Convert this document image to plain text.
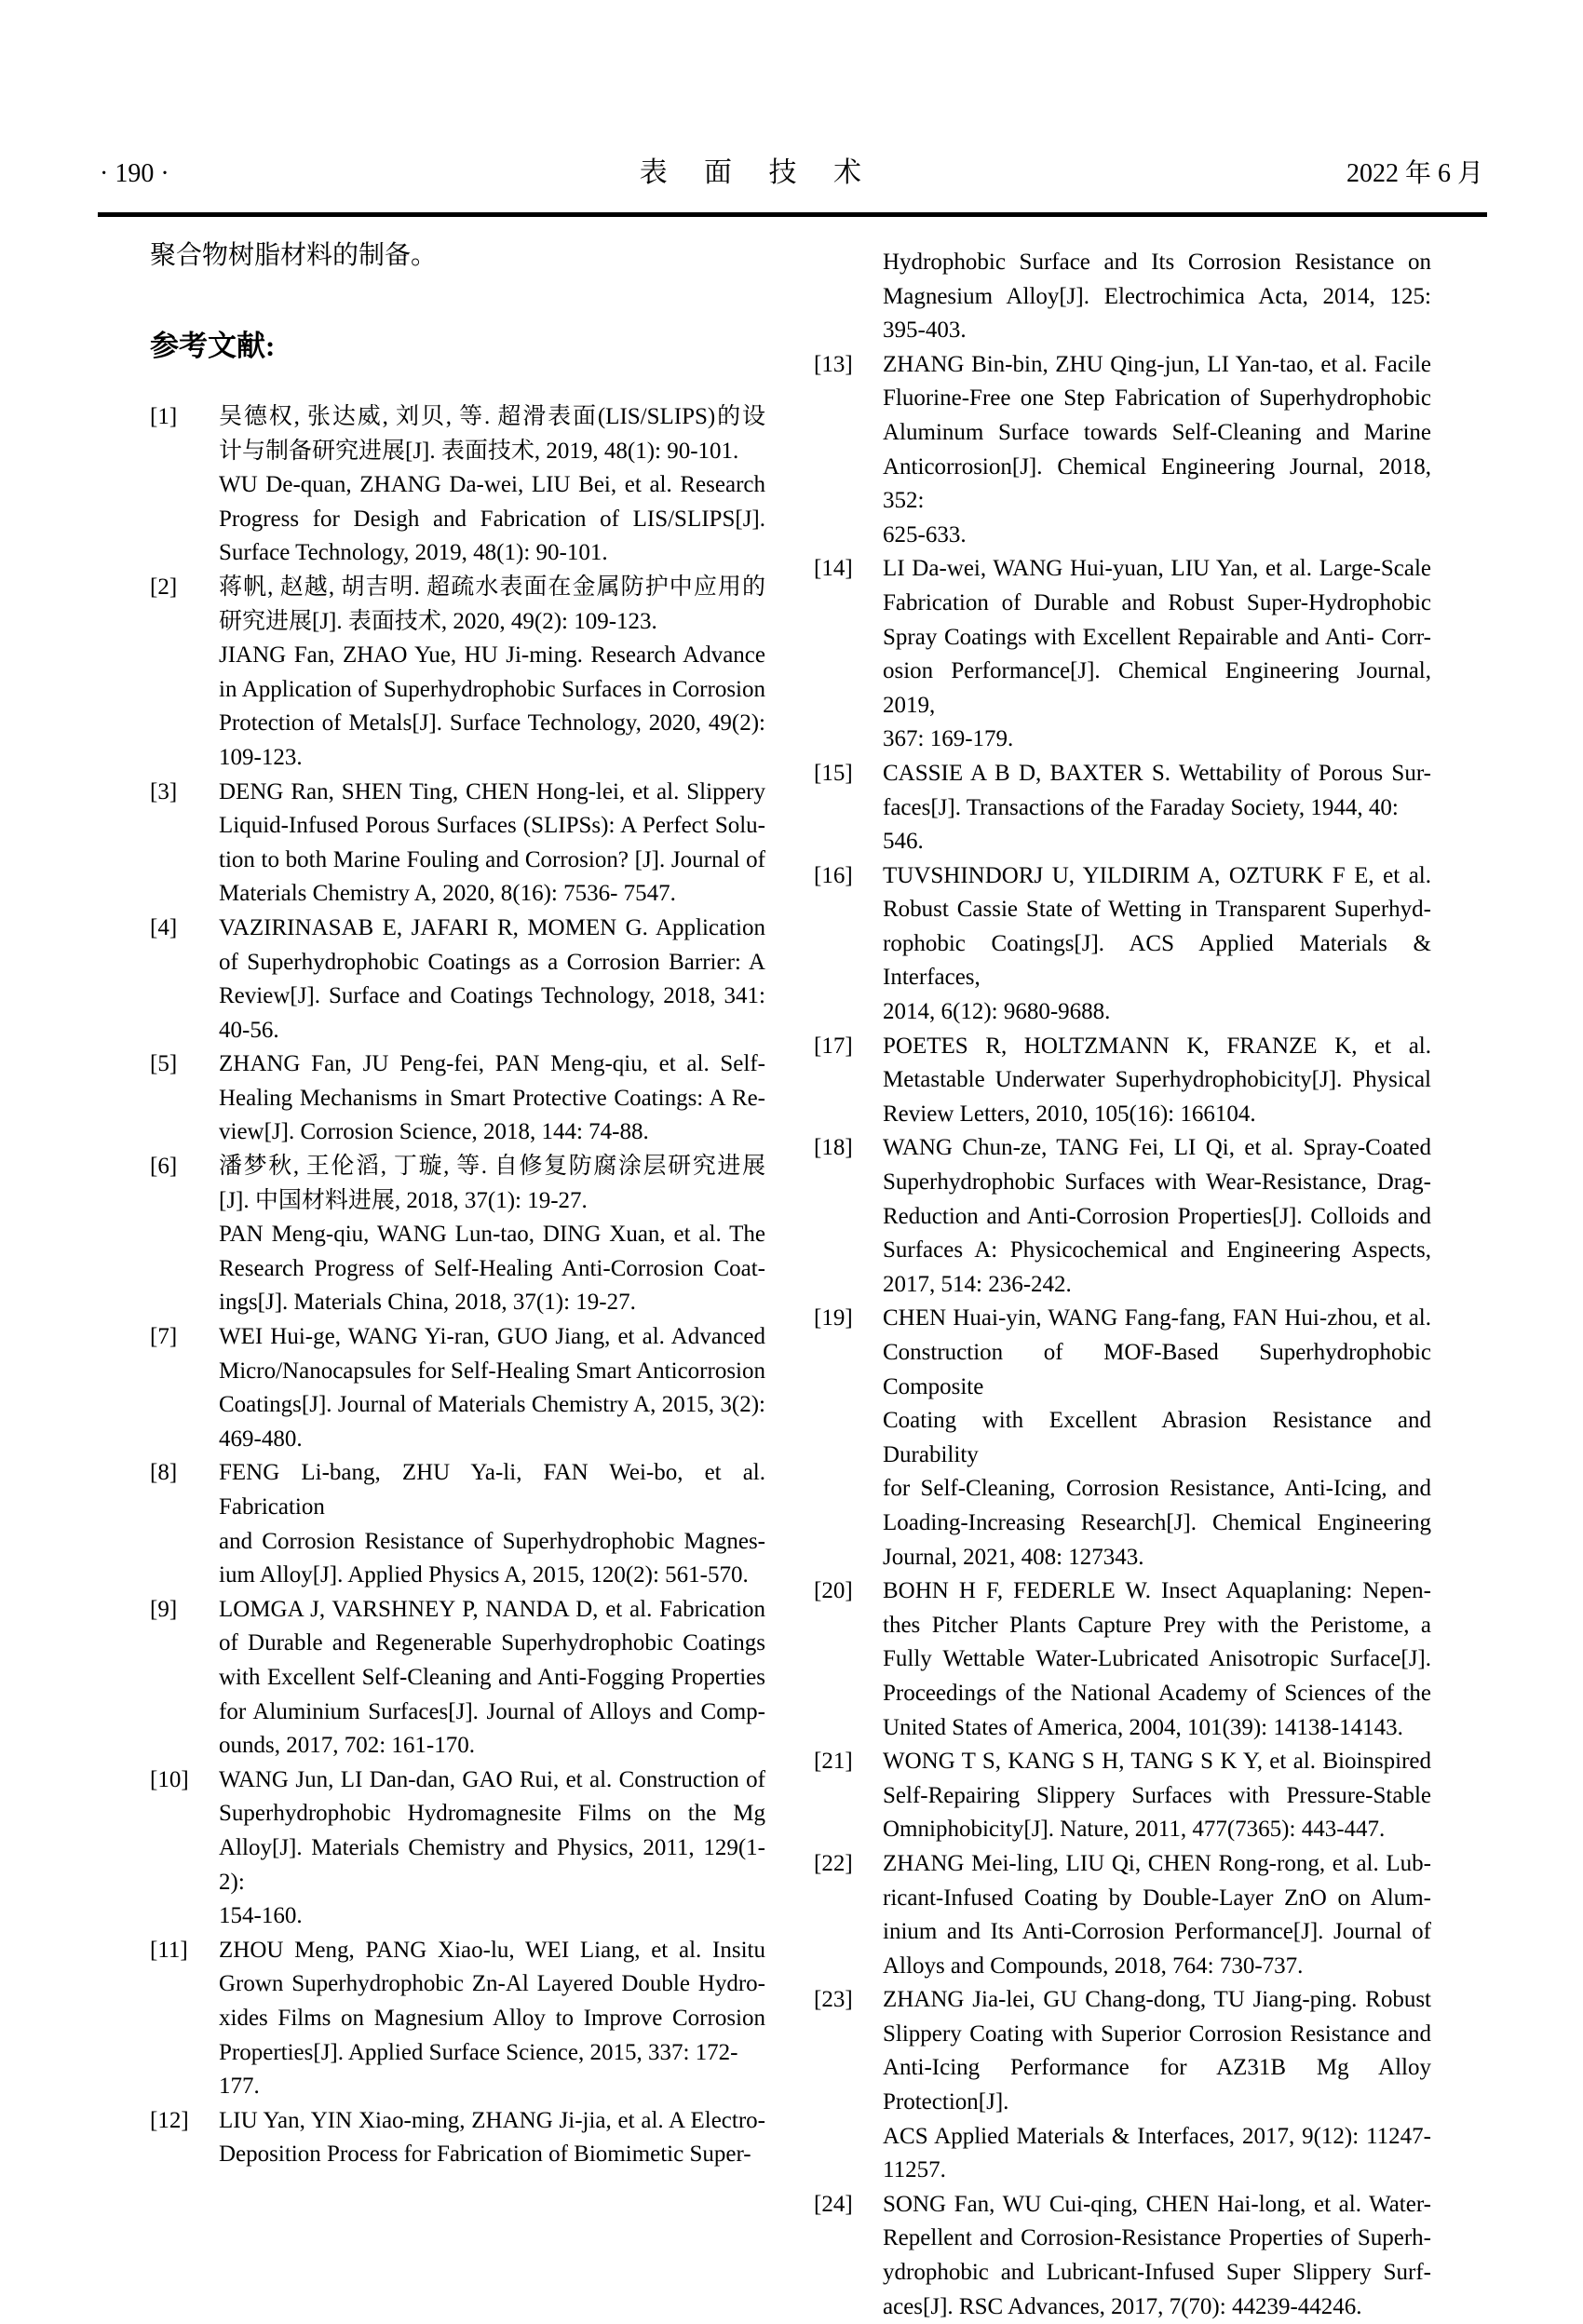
· 190 ·	表 面 技 术	2022 年 6 月

聚合物树脂材料的制备。

参考文献:
[1] 吴德权, 张达威, 刘贝, 等. 超滑表面(LIS/SLIPS)的设
计与制备研究进展[J]. 表面技术, 2019, 48(1): 90-101.
WU De-quan, ZHANG Da-wei, LIU Bei, et al. Research
Progress for Desigh and Fabrication of LIS/SLIPS[J].
Surface Technology, 2019, 48(1): 90-101.
[2] 蒋帆, 赵越, 胡吉明. 超疏水表面在金属防护中应用的
研究进展[J]. 表面技术, 2020, 49(2): 109-123.
JIANG Fan, ZHAO Yue, HU Ji-ming. Research Advance
in Application of Superhydrophobic Surfaces in Corrosion
Protection of Metals[J]. Surface Technology, 2020, 49(2):
109-123.
[3] DENG Ran, SHEN Ting, CHEN Hong-lei, et al. Slippery
Liquid-Infused Porous Surfaces (SLIPSs): A Perfect Solu-
tion to both Marine Fouling and Corrosion? [J]. Journal of
Materials Chemistry A, 2020, 8(16): 7536- 7547.
[4] VAZIRINASAB E, JAFARI R, MOMEN G. Application
of Superhydrophobic Coatings as a Corrosion Barrier: A
Review[J]. Surface and Coatings Technology, 2018, 341:
40-56.
[5] ZHANG Fan, JU Peng-fei, PAN Meng-qiu, et al. Self-
Healing Mechanisms in Smart Protective Coatings: A Re-
view[J]. Corrosion Science, 2018, 144: 74-88.
[6] 潘梦秋, 王伦滔, 丁璇, 等. 自修复防腐涂层研究进展
[J]. 中国材料进展, 2018, 37(1): 19-27.
PAN Meng-qiu, WANG Lun-tao, DING Xuan, et al. The
Research Progress of Self-Healing Anti-Corrosion Coat-
ings[J]. Materials China, 2018, 37(1): 19-27.
[7] WEI Hui-ge, WANG Yi-ran, GUO Jiang, et al. Advanced
Micro/Nanocapsules for Self-Healing Smart Anticorrosion
Coatings[J]. Journal of Materials Chemistry A, 2015, 3(2):
469-480.
[8] FENG Li-bang, ZHU Ya-li, FAN Wei-bo, et al. Fabrication
and Corrosion Resistance of Superhydrophobic Magnes-
ium Alloy[J]. Applied Physics A, 2015, 120(2): 561-570.
[9] LOMGA J, VARSHNEY P, NANDA D, et al. Fabrication
of Durable and Regenerable Superhydrophobic Coatings
with Excellent Self-Cleaning and Anti-Fogging Properties
for Aluminium Surfaces[J]. Journal of Alloys and Comp-
ounds, 2017, 702: 161-170.
[10] WANG Jun, LI Dan-dan, GAO Rui, et al. Construction of
Superhydrophobic Hydromagnesite Films on the Mg
Alloy[J]. Materials Chemistry and Physics, 2011, 129(1-2):
154-160.
[11] ZHOU Meng, PANG Xiao-lu, WEI Liang, et al. Insitu
Grown Superhydrophobic Zn-Al Layered Double Hydro-
xides Films on Magnesium Alloy to Improve Corrosion
Properties[J]. Applied Surface Science, 2015, 337: 172-177.
[12] LIU Yan, YIN Xiao-ming, ZHANG Ji-jia, et al. A Electro-
Deposition Process for Fabrication of Biomimetic Super-
Hydrophobic Surface and Its Corrosion Resistance on
Magnesium Alloy[J]. Electrochimica Acta, 2014, 125:
395-403.
[13] ZHANG Bin-bin, ZHU Qing-jun, LI Yan-tao, et al. Facile
Fluorine-Free one Step Fabrication of Superhydrophobic
Aluminum Surface towards Self-Cleaning and Marine
Anticorrosion[J]. Chemical Engineering Journal, 2018, 352:
625-633.
[14] LI Da-wei, WANG Hui-yuan, LIU Yan, et al. Large-Scale
Fabrication of Durable and Robust Super-Hydrophobic
Spray Coatings with Excellent Repairable and Anti- Corr-
osion Performance[J]. Chemical Engineering Journal, 2019,
367: 169-179.
[15] CASSIE A B D, BAXTER S. Wettability of Porous Sur-
faces[J]. Transactions of the Faraday Society, 1944, 40: 546.
[16] TUVSHINDORJ U, YILDIRIM A, OZTURK F E, et al.
Robust Cassie State of Wetting in Transparent Superhyd-
rophobic Coatings[J]. ACS Applied Materials & Interfaces,
2014, 6(12): 9680-9688.
[17] POETES R, HOLTZMANN K, FRANZE K, et al.
Metastable Underwater Superhydrophobicity[J]. Physical
Review Letters, 2010, 105(16): 166104.
[18] WANG Chun-ze, TANG Fei, LI Qi, et al. Spray-Coated
Superhydrophobic Surfaces with Wear-Resistance, Drag-
Reduction and Anti-Corrosion Properties[J]. Colloids and
Surfaces A: Physicochemical and Engineering Aspects,
2017, 514: 236-242.
[19] CHEN Huai-yin, WANG Fang-fang, FAN Hui-zhou, et al.
Construction of MOF-Based Superhydrophobic Composite
Coating with Excellent Abrasion Resistance and Durability
for Self-Cleaning, Corrosion Resistance, Anti-Icing, and
Loading-Increasing Research[J]. Chemical Engineering
Journal, 2021, 408: 127343.
[20] BOHN H F, FEDERLE W. Insect Aquaplaning: Nepen-
thes Pitcher Plants Capture Prey with the Peristome, a
Fully Wettable Water-Lubricated Anisotropic Surface[J].
Proceedings of the National Academy of Sciences of the
United States of America, 2004, 101(39): 14138-14143.
[21] WONG T S, KANG S H, TANG S K Y, et al. Bioinspired
Self-Repairing Slippery Surfaces with Pressure-Stable
Omniphobicity[J]. Nature, 2011, 477(7365): 443-447.
[22] ZHANG Mei-ling, LIU Qi, CHEN Rong-rong, et al. Lub-
ricant-Infused Coating by Double-Layer ZnO on Alum-
inium and Its Anti-Corrosion Performance[J]. Journal of
Alloys and Compounds, 2018, 764: 730-737.
[23] ZHANG Jia-lei, GU Chang-dong, TU Jiang-ping. Robust
Slippery Coating with Superior Corrosion Resistance and
Anti-Icing Performance for AZ31B Mg Alloy Protection[J].
ACS Applied Materials & Interfaces, 2017, 9(12): 11247-
11257.
[24] SONG Fan, WU Cui-qing, CHEN Hai-long, et al. Water-
Repellent and Corrosion-Resistance Properties of Superh-
ydrophobic and Lubricant-Infused Super Slippery Surf-
aces[J]. RSC Advances, 2017, 7(70): 44239-44246.
